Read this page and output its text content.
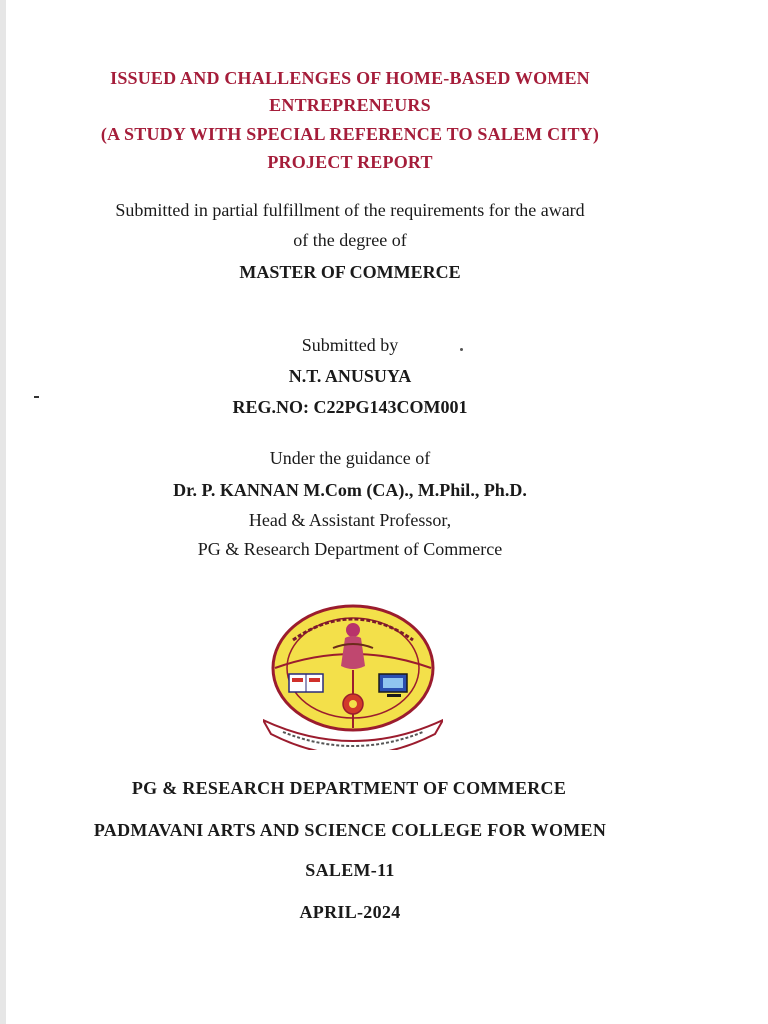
ISSUED AND CHALLENGES OF HOME-BASED WOMEN
ENTREPRENEURS
(A STUDY WITH SPECIAL REFERENCE TO SALEM CITY)
PROJECT REPORT
Submitted in partial fulfillment of the requirements for the award
of the degree of
MASTER OF COMMERCE
Submitted by
N.T. ANUSUYA
REG.NO: C22PG143COM001
Under the guidance of
Dr. P. KANNAN M.Com (CA)., M.Phil., Ph.D.
Head & Assistant Professor,
PG & Research Department of Commerce
PG & RESEARCH DEPARTMENT OF COMMERCE
PADMAVANI ARTS AND SCIENCE COLLEGE FOR WOMEN
SALEM-11
APRIL-2024
